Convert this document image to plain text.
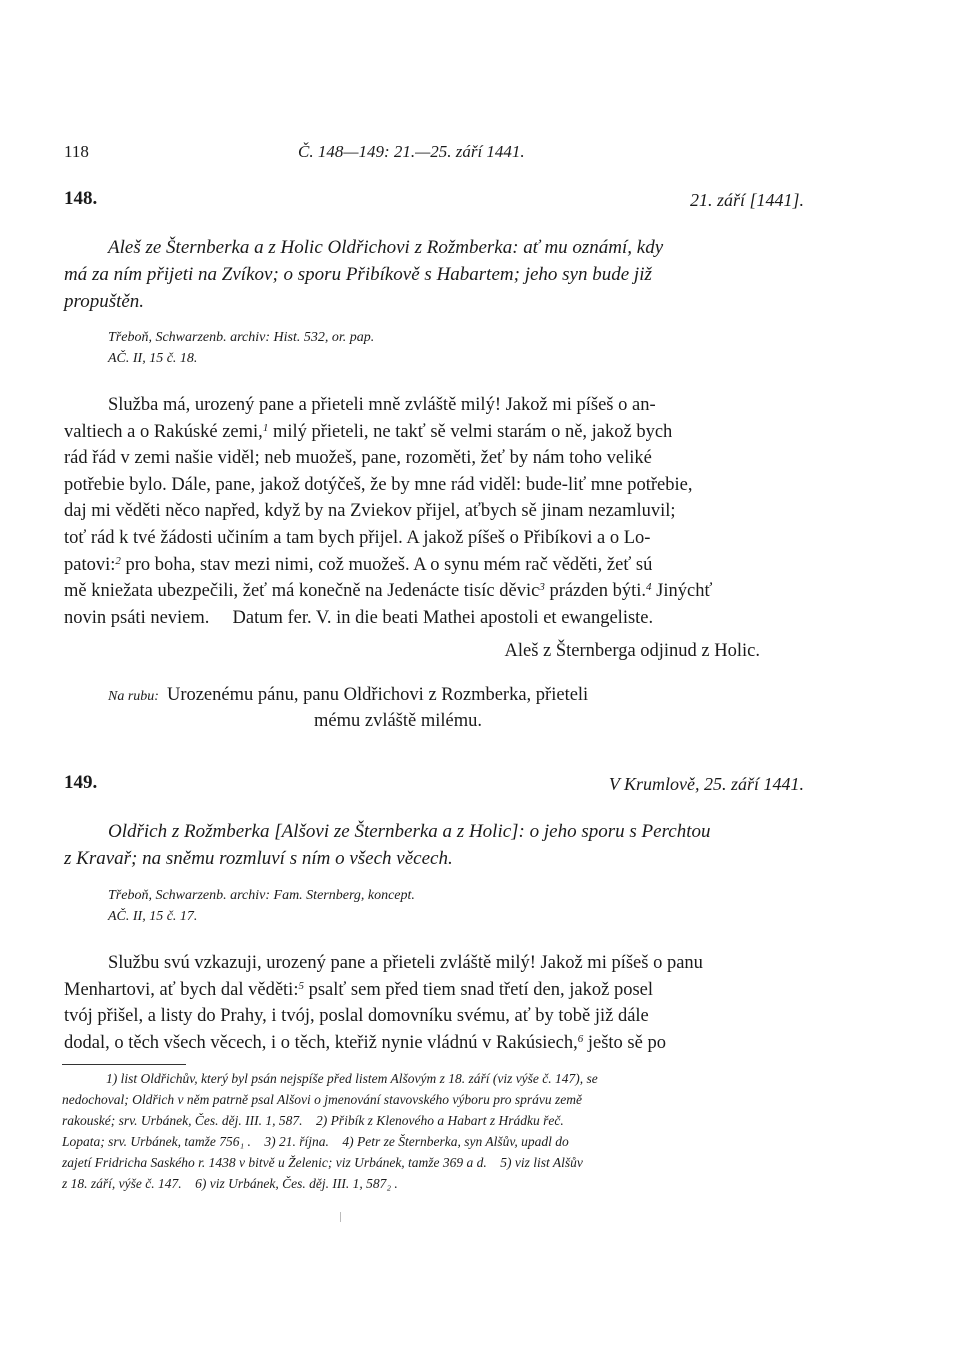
118	Č. 148—149: 21.—25. září 1441.
148.	21. září [1441].
Aleš ze Šternberka a z Holic Oldřichovi z Rožmberka: ať mu oznámí, kdy
má za ním přijeti na Zvíkov; o sporu Přibíkově s Habartem; jeho syn bude již
propuštěn.
Třeboň, Schwarzenb. archiv: Hist. 532, or. pap.
AČ. II, 15 č. 18.
Služba má, urozený pane a přieteli mně zvláště milý! Jakož mi píšeš o an-
valtiech a o Rakúské zemi,$^1$ milý přieteli, ne takť sě velmi starám o ně, jakož bych
rád řád v zemi našie viděl; neb muožeš, pane, rozoměti, žeť by nám toho veliké
potřebie bylo. Dále, pane, jakož dotýčeš, že by mne rád viděl: bude-liť mne potřebie,
daj mi věděti něco napřed, když by na Zviekov přijel, aťbych sě jinam nezamluvil;
toť rád k tvé žádosti učiním a tam bych přijel. A jakož píšeš o Přibíkovi a o Lo-
patovi:$^2$ pro boha, stav mezi nimi, což muožeš. A o synu mém rač věděti, žeť sú
mě kniežata ubezpečili, žeť má konečně na Jedenácte tisíc děvic$^3$ prázden býti.$^4$ Jinýchť
novin psáti neviem.     Datum fer. V. in die beati Mathei apostoli et ewangeliste.
Aleš z Šternberga odjinud z Holic.
Na rubu: Urozenému pánu, panu Oldřichovi z Rozmberka, přieteli
mému zvláště milému.
149.	V Krumlově, 25. září 1441.
Oldřich z Rožmberka [Alšovi ze Šternberka a z Holic]: o jeho sporu s Perchtou
z Kravař; na sněmu rozmluví s ním o všech věcech.
Třeboň, Schwarzenb. archiv: Fam. Sternberg, koncept.
AČ. II, 15 č. 17.
Službu svú vzkazuji, urozený pane a přieteli zvláště milý! Jakož mi píšeš o panu
Menhartovi, ať bych dal věděti:$^5$ psalť sem před tiem snad třetí den, jakož posel
tvój přišel, a listy do Prahy, i tvój, poslal domovníku svému, ať by tobě již dále
dodal, o těch všech věcech, i o těch, kteřiž nynie vládnú v Rakúsiech,$^6$ ješto sě po
1) list Oldřichův, který byl psán nejspíše před listem Alšovým z 18. září (viz výše č. 147), se
nedochoval; Oldřich v něm patrně psal Alšovi o jmenování stavovského výboru pro správu země
rakouské; srv. Urbánek, Čes. děj. III. 1, 587.    2) Přibík z Klenového a Habart z Hrádku řeč.
Lopata; srv. Urbánek, tamže 756₁ .    3) 21. října.    4) Petr ze Šternberka, syn Alšův, upadl do
zajetí Fridricha Saského r. 1438 v bitvě u Želenic; viz Urbánek, tamže 369 a d.    5) viz list Alšův
z 18. září, výše č. 147.    6) viz Urbánek, Čes. děj. III. 1, 587₂ .
